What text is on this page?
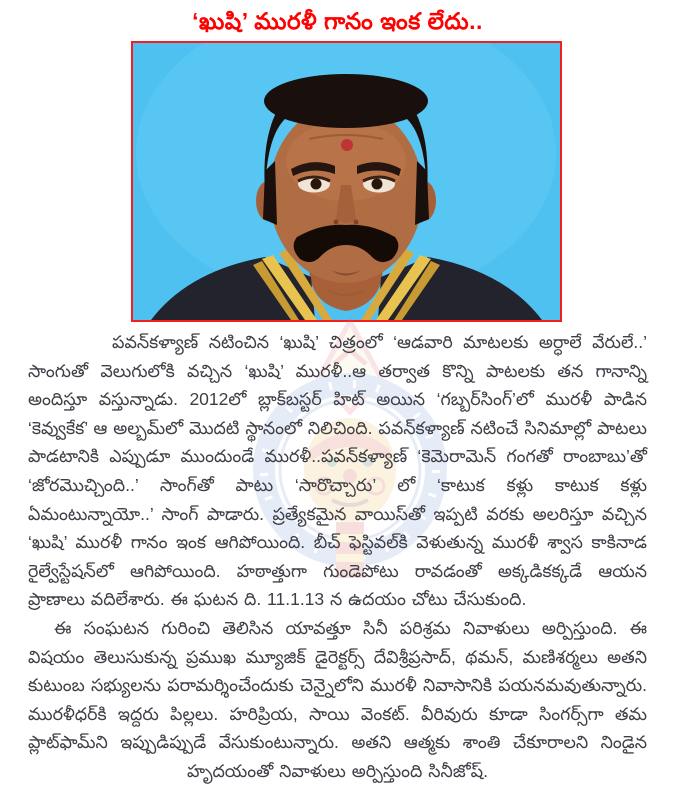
‘ఖుషి’ మురళీ గానం ఇంక లేదు..

పవన్‌కళ్యాణ్ నటించిన ‘ఖుషి’ చిత్రంలో ‘ఆడవారి మాటలకు అర్ధాలే వేరులే..’ సాంగుతో వెలుగులోకి వచ్చిన ‘ఖుషి’ మురళీ..ఆ తర్వాత కొన్ని పాటలకు తన గానాన్ని అందిస్తూ వస్తున్నాడు. 2012లో బ్లాక్‌బస్టర్ హిట్ అయిన ‘గబ్బర్‌సింగ్’లో మురళీ పాడిన ‘కెవ్వుకేక’ ఆ అల్బమ్‌లో మొదటి స్థానంలో నిలిచింది. పవన్‌కళ్యాణ్ నటించే సినిమాల్లో పాటలు పాడటానికి ఎప్పుడూ ముందుండే మురళీ..పవన్‌కళ్యాణ్ ‘కెమెరామెన్ గంగతో రాంబాబు’తో ‘జోరమొచ్చింది..’ సాంగ్‌తో పాటు ‘సారొచ్చారు’ లో ‘కాటుక కళ్లు కాటుక కళ్లు ఏమంటున్నాయో..’ సాంగ్ పాడారు. ప్రత్యేకమైన వాయిస్‌తో ఇప్పటి వరకు అలరిస్తూ వచ్చిన ‘ఖుషి’ మురళీ గానం ఇంక ఆగిపోయింది. బీచ్ ఫెస్టివల్‌కి వెళుతున్న మురళీ శ్వాస కాకినాడ రైల్వేస్టేషన్‌లో ఆగిపోయింది. హఠాత్తుగా గుండెపోటు రావడంతో అక్కడికక్కడే ఆయన ప్రాణాలు వదిలేశారు. ఈ ఘటన ది. 11.1.13 న ఉదయం చోటు చేసుకుంది.

ఈ సంఘటన గురించి తెలిసిన యావత్తూ సినీ పరిశ్రమ నివాళులు అర్పిస్తుంది. ఈ విషయం తెలుసుకున్న ప్రముఖ మ్యూజిక్ డైరెక్టర్స్ దేవిశ్రీప్రసాద్, థమన్, మణిశర్మలు అతని కుటుంబ సభ్యులను పరామర్శించేందుకు చెన్నైలోని మురళీ నివాసానికి పయనమవుతున్నారు. మురళీధర్‌కి ఇద్దరు పిల్లలు. హరిప్రియ, సాయి వెంకట్. వీరివురు కూడా సింగర్స్‌గా తమ ప్లాట్‌ఫామ్‌ని ఇప్పుడిప్పుడే వేసుకుంటున్నారు. అతని ఆత్మకు శాంతి చేకూరాలని నిండైన హృదయంతో నివాళులు అర్పిస్తుంది సినీజోష్.
